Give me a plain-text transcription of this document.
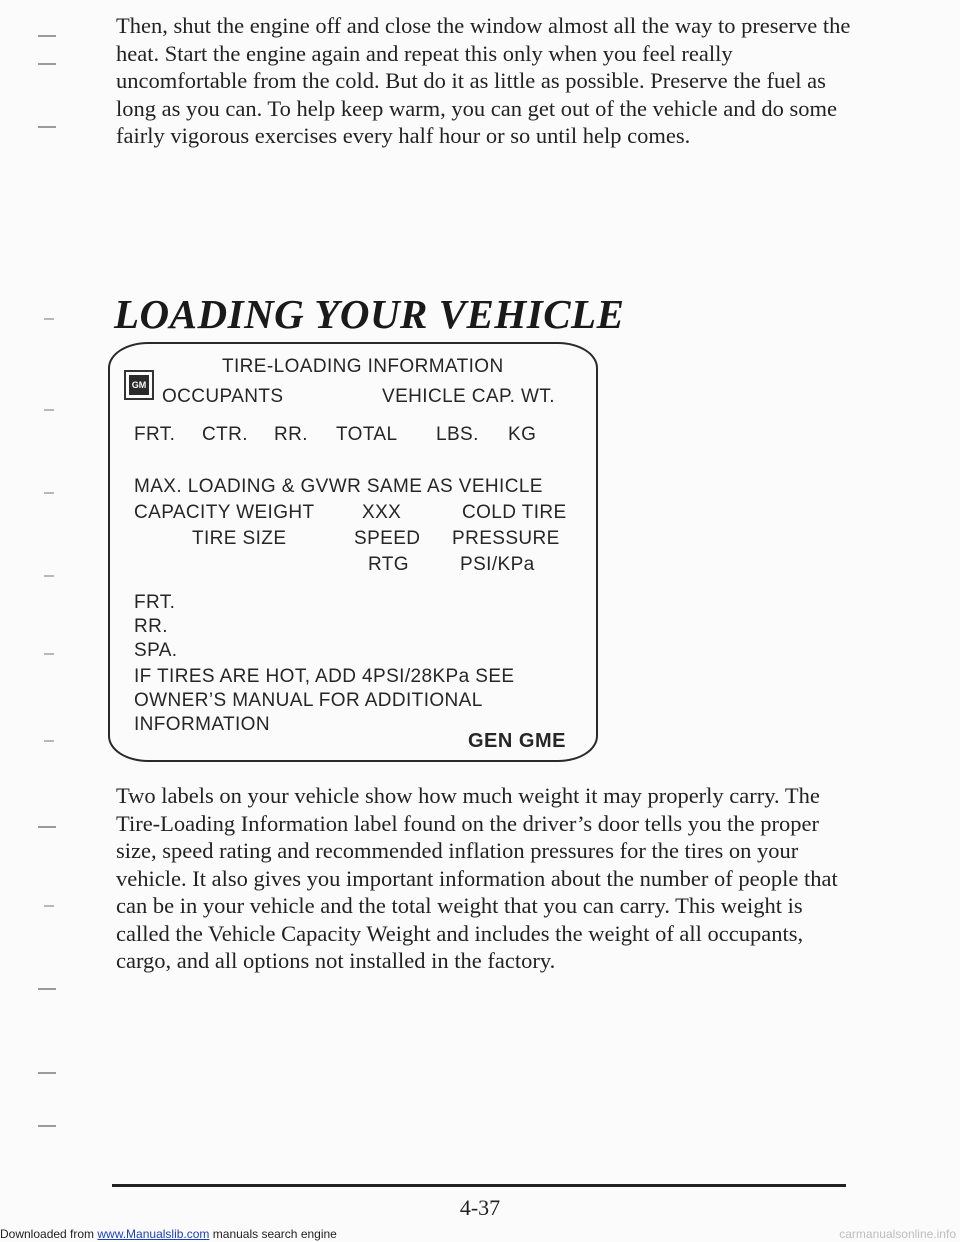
Then, shut the engine off and close the window almost all the way to preserve the heat. Start the engine again and repeat this only when you feel really uncomfortable from the cold. But do it as little as possible. Preserve the fuel as long as you can. To help keep warm, you can get out of the vehicle and do some fairly vigorous exercises every half hour or so until help comes.

LOADING YOUR VEHICLE
GM
TIRE-LOADING INFORMATION
OCCUPANTS	VEHICLE CAP. WT.
FRT. CTR. RR. TOTAL LBS. KG
MAX. LOADING & GVWR SAME AS VEHICLE
CAPACITY WEIGHT XXX	COLD TIRE
TIRE SIZE	SPEED PRESSURE
RTG	PSI/KPa
FRT.
RR.
SPA.
IF TIRES ARE HOT, ADD 4PSI/28KPa SEE
OWNER’S MANUAL FOR ADDITIONAL
INFORMATION
GEN GME

Two labels on your vehicle show how much weight it may properly carry. The Tire-Loading Information label found on the driver’s door tells you the proper size, speed rating and recommended inflation pressures for the tires on your vehicle. It also gives you important information about the number of people that can be in your vehicle and the total weight that you can carry. This weight is called the Vehicle Capacity Weight and includes the weight of all occupants, cargo, and all options not installed in the factory.

4-37
Downloaded from www.Manualslib.com manuals search engine	carmanualsonline.info
